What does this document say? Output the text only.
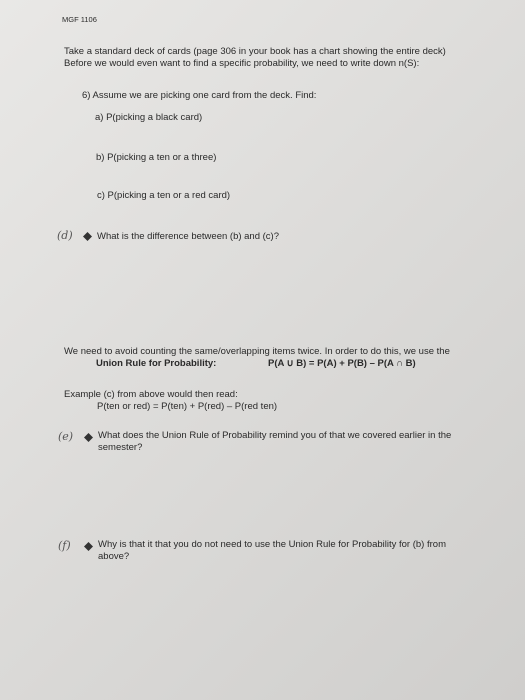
MGF 1106
Take a standard deck of cards (page 306 in your book has a chart showing the entire deck)
Before we would even want to find a specific probability, we need to write down n(S):
6) Assume we are picking one card from the deck. Find:
a) P(picking a black card)
b) P(picking a ten or a three)
c) P(picking a ten or a red card)
(d)	What is the difference between (b) and (c)?
We need to avoid counting the same/overlapping items twice. In order to do this, we use the
Union Rule for Probability:	P(A ∪ B) = P(A) + P(B) – P(A ∩ B)
Example (c) from above would then read:
P(ten or red) = P(ten) + P(red) – P(red ten)
(e)	What does the Union Rule of Probability remind you of that we covered earlier in the
semester?
(f)	Why is that it that you do not need to use the Union Rule for Probability for (b) from
above?
